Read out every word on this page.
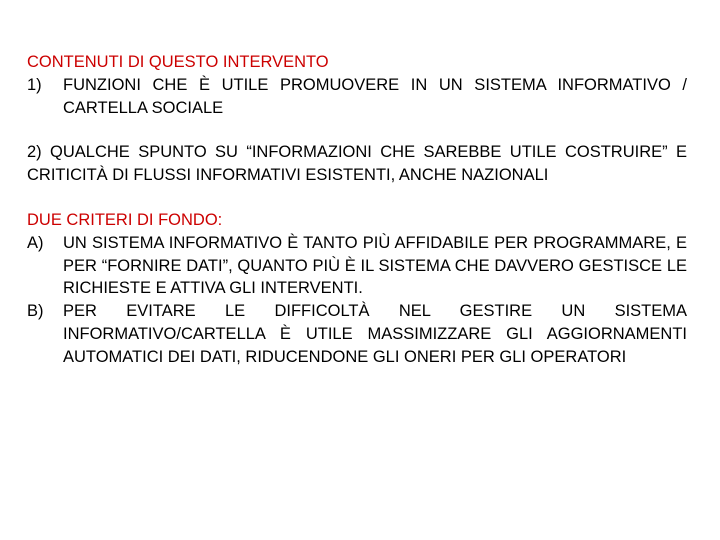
CONTENUTI DI QUESTO INTERVENTO

1)	FUNZIONI CHE È UTILE PROMUOVERE IN UN SISTEMA INFORMATIVO / CARTELLA SOCIALE

2) QUALCHE SPUNTO SU “INFORMAZIONI CHE SAREBBE UTILE COSTRUIRE” E CRITICITÀ DI FLUSSI INFORMATIVI ESISTENTI, ANCHE NAZIONALI

DUE CRITERI DI FONDO:

A)	UN SISTEMA INFORMATIVO È TANTO PIÙ AFFIDABILE PER PROGRAMMARE, E PER “FORNIRE DATI”, QUANTO PIÙ È IL SISTEMA CHE DAVVERO GESTISCE LE RICHIESTE E ATTIVA GLI INTERVENTI.
B)	PER EVITARE LE DIFFICOLTÀ NEL GESTIRE UN SISTEMA INFORMATIVO/CARTELLA È UTILE MASSIMIZZARE GLI AGGIORNAMENTI AUTOMATICI DEI DATI, RIDUCENDONE GLI ONERI PER GLI OPERATORI
